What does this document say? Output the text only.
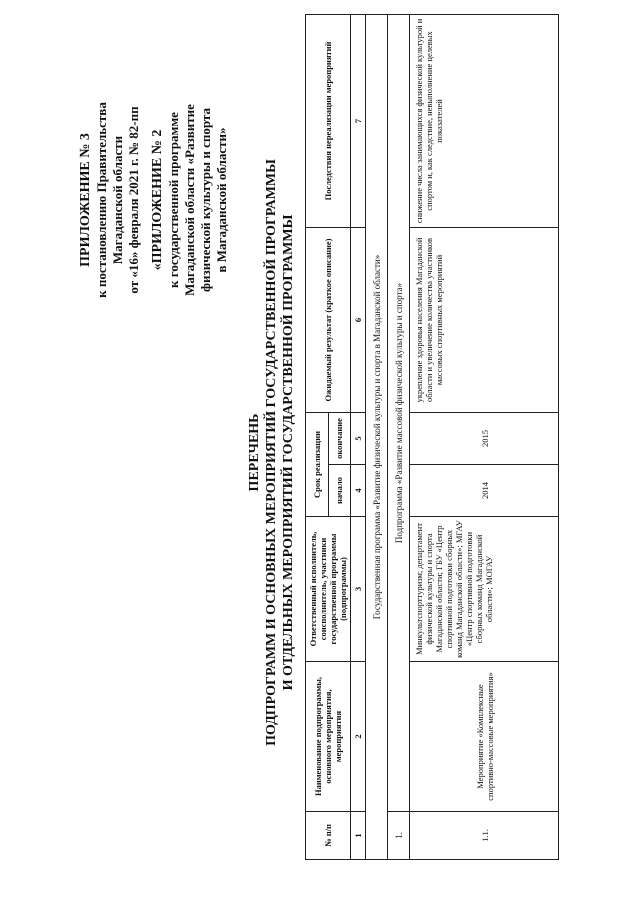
ПРИЛОЖЕНИЕ № 3 к постановлению Правительства Магаданской области от «16» февраля 2021 г. № 82-пп «ПРИЛОЖЕНИЕ № 2 к государственной программе Магаданской области «Развитие физической культуры и спорта в Магаданской области»
ПЕРЕЧЕНЬ ПОДПРОГРАММ И ОСНОВНЫХ МЕРОПРИЯТИЙ ГОСУДАРСТВЕННОЙ ПРОГРАММЫ И ОТДЕЛЬНЫХ МЕРОПРИЯТИЙ ГОСУДАРСТВЕННОЙ ПРОГРАММЫ
№ п/п	Наименование подпрограммы, основного мероприятия, мероприятия	Ответственный исполнитель, соисполнитель, участники государственной программы (подпрограммы)	Срок реализации		Ожидаемый результат (краткое описание)	Последствия нереализации мероприятий
			начало	окончание		
1	2	3	4	5	6	7
Государственная программа «Развитие физической культуры и спорта в Магаданской области»						
1.	Подпрограмма «Развитие массовой физической культуры и спорта»					
1.1.	Мероприятие «Комплексные спортивно-массовые мероприятия»	Минкультспорттуризм; департамент физической культуры и спорта Магаданской области; ГБУ «Центр спортивной подготовки сборных команд Магаданской области»; МГАУ «Центр спортивной подготовки сборных команд Магаданской области»; МОГАУ	2014	2015	укрепление здоровья населения Магаданской области и увеличение количества участников массовых спортивных мероприятий	снижение числа занимающихся физической культурой и спортом и, как следствие, невыполнение целевых показателей
